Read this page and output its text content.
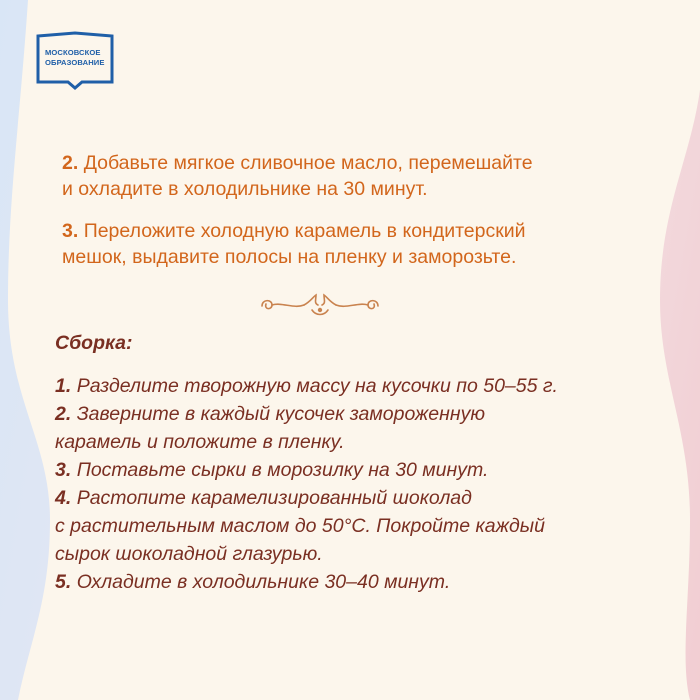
МОСКОВСКОЕ
ОБРАЗОВАНИЕ
2. Добавьте мягкое сливочное масло, перемешайте
и охладите в холодильнике на 30 минут.
3. Переложите холодную карамель в кондитерский
мешок, выдавите полосы на пленку и заморозьте.
Сборка:
1. Разделите творожную массу на кусочки по 50–55 г.
2. Заверните в каждый кусочек замороженную
карамель и положите в пленку.
3. Поставьте сырки в морозилку на 30 минут.
4. Растопите карамелизированный шоколад
с растительным маслом до 50°C. Покройте каждый
сырок шоколадной глазурью.
5. Охладите в холодильнике 30–40 минут.
